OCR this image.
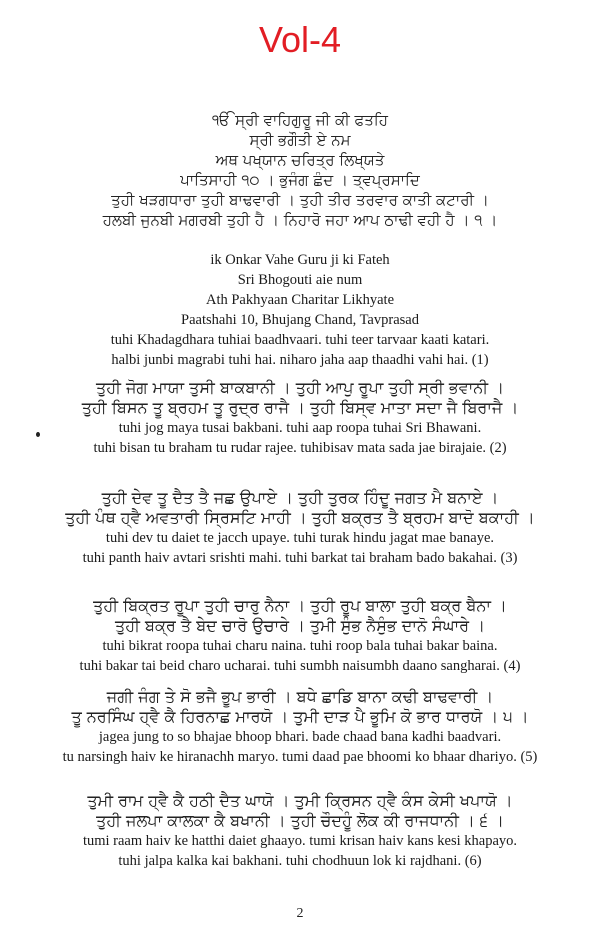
Vol-4
ੴ ਸ੍ਰੀ ਵਾਹਿਗੁਰੂ ਜੀ ਕੀ ਫਤਹਿ
ਸ੍ਰੀ ਭਗੌਤੀ ਏ ਨਮ
ਅਥ ਪਖ੍ਯਾਨ ਚਰਿਤ੍ਰ ਲਿਖ੍ਯਤੇ
ਪਾਤਿਸਾਹੀ ੧੦ । ਭੁਜੰਗ ਛੰਦ । ਤ੍ਵਪ੍ਰਸਾਦਿ
ਤੁਹੀ ਖੜਗਧਾਰਾ ਤੁਹੀ ਬਾਢਵਾਰੀ । ਤੁਹੀ ਤੀਰ ਤਰਵਾਰ ਕਾਤੀ ਕਟਾਰੀ ।
ਹਲਬੀ ਜੁਨਬੀ ਮਗਰਬੀ ਤੁਹੀ ਹੈ । ਨਿਹਾਰੋ ਜਹਾ ਆਪ ਠਾਢੀ ਵਹੀ ਹੈ । ੧ ।
ik Onkar Vahe Guru ji ki Fateh
Sri Bhogouti aie num
Ath Pakhyaan Charitar Likhyate
Paatshahi 10, Bhujang Chand, Tavprasad
tuhi Khadagdhara tuhiai baadhvaari. tuhi teer tarvaar kaati katari.
halbi junbi magrabi tuhi hai. niharo jaha aap thaadhi vahi hai. (1)
ਤੁਹੀ ਜੋਗ ਮਾਯਾ ਤੁਸੀ ਬਾਕਬਾਨੀ । ਤੁਹੀ ਆਪੁ ਰੂਪਾ ਤੁਹੀ ਸ੍ਰੀ ਭਵਾਨੀ ।
ਤੁਹੀ ਬਿਸਨ ਤੂ ਬ੍ਰਹਮ ਤੂ ਰੁਦ੍ਰ ਰਾਜੈ । ਤੁਹੀ ਬਿਸ੍ਵ ਮਾਤਾ ਸਦਾ ਜੈ ਬਿਰਾਜੈ ।
tuhi jog maya tusai bakbani. tuhi aap roopa tuhai Sri Bhawani.
tuhi bisan tu braham tu rudar rajee. tuhibisav mata sada jae birajaie. (2)
ਤੁਹੀ ਦੇਵ ਤੂ ਦੈਤ ਤੈ ਜਛ ਉਪਾਏ । ਤੁਹੀ ਤੁਰਕ ਹਿੰਦੂ ਜਗਤ ਮੈ ਬਨਾਏ ।
ਤੁਹੀ ਪੰਥ ਹ੍ਵੈ ਅਵਤਾਰੀ ਸ੍ਰਿਸਟਿ ਮਾਹੀ । ਤੁਹੀ ਬਕ੍ਰਤ ਤੈ ਬ੍ਰਹਮ ਬਾਦੋ ਬਕਾਹੀ ।
tuhi dev tu daiet te jacch upaye. tuhi turak hindu jagat mae banaye.
tuhi panth haiv avtari srishti mahi. tuhi barkat tai braham bado bakahai. (3)
ਤੁਹੀ ਬਿਕ੍ਰਤ ਰੂਪਾ ਤੁਹੀ ਚਾਰੁ ਨੈਨਾ । ਤੁਹੀ ਰੂਪ ਬਾਲਾ ਤੁਹੀ ਬਕ੍ਰ ਬੈਨਾ ।
ਤੁਹੀ ਬਕ੍ਰ ਤੈ ਬੇਦ ਚਾਰੋ ਉਚਾਰੇ । ਤੁਮੀ ਸੁੰਭ ਨੈਸੁੰਭ ਦਾਨੋ ਸੰਘਾਰੇ ।
tuhi bikrat roopa tuhai charu naina. tuhi roop bala tuhai bakar baina.
tuhi bakar tai beid charo ucharai. tuhi sumbh naisumbh daano sangharai. (4)
ਜਗੀ ਜੰਗ ਤੇ ਸੋ ਭਜੈ ਭੂਪ ਭਾਰੀ । ਬਧੇ ਛਾਡਿ ਬਾਨਾ ਕਢੀ ਬਾਢਵਾਰੀ ।
ਤੂ ਨਰਸਿੰਘ ਹ੍ਵੈ ਕੈ ਹਿਰਨਾਛ ਮਾਰਯੋ । ਤੁਮੀ ਦਾੜ ਪੈ ਭੂਮਿ ਕੋ ਭਾਰ ਧਾਰਯੋ । ੫ ।
jagea jung to so bhajae bhoop bhari. bade chaad bana kadhi baadvari.
tu narsingh haiv ke hiranachh maryo. tumi daad pae bhoomi ko bhaar dhariyo. (5)
ਤੁਮੀ ਰਾਮ ਹ੍ਵੈ ਕੈ ਹਠੀ ਦੈਤ ਘਾਯੋ । ਤੁਮੀ ਕ੍ਰਿਸਨ ਹ੍ਵੈ ਕੰਸ ਕੇਸੀ ਖਪਾਯੋ ।
ਤੁਹੀ ਜਲਪਾ ਕਾਲਕਾ ਕੈ ਬਖਾਨੀ । ਤੁਹੀ ਚੌਦਹੂੰ ਲੋਕ ਕੀ ਰਾਜਧਾਨੀ । ੬ ।
tumi raam haiv ke hatthi daiet ghaayo. tumi krisan haiv kans kesi khapayo.
tuhi jalpa kalka kai bakhani. tuhi chodhuun lok ki rajdhani. (6)
2
